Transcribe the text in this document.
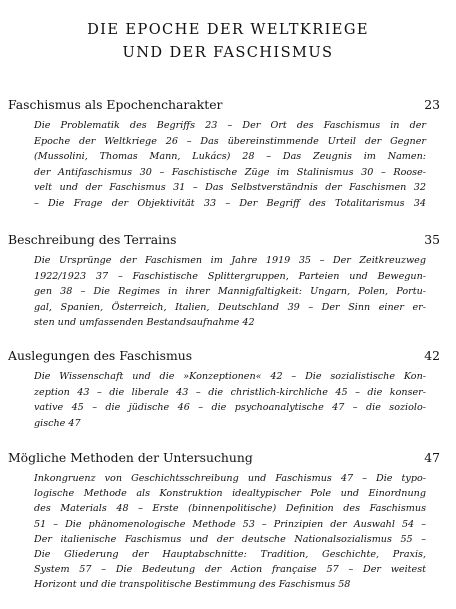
DIE EPOCHE DER WELTKRIEGE
UND DER FASCHISMUS
Faschismus als Epochencharakter	23
Die Problematik des Begriffs 23 – Der Ort des Faschismus in der
Epoche der Weltkriege 26 – Das übereinstimmende Urteil der Gegner
(Mussolini, Thomas Mann, Lukács) 28 – Das Zeugnis im Namen:
der Antifaschismus 30 – Faschistische Züge im Stalinismus 30 – Roose-
velt und der Faschismus 31 – Das Selbstverständnis der Faschismen 32
– Die Frage der Objektivität 33 – Der Begriff des Totalitarismus 34
Beschreibung des Terrains	35
Die Ursprünge der Faschismen im Jahre 1919 35 – Der Zeitkreuzweg
1922/1923 37 – Faschistische Splittergruppen, Parteien und Bewegun-
gen 38 – Die Regimes in ihrer Mannigfaltigkeit: Ungarn, Polen, Portu-
gal, Spanien, Österreich, Italien, Deutschland 39 – Der Sinn einer er-
sten und umfassenden Bestandsaufnahme 42
Auslegungen des Faschismus	42
Die Wissenschaft und die »Konzeptionen« 42 – Die sozialistische Kon-
zeption 43 – die liberale 43 – die christlich-kirchliche 45 – die konser-
vative 45 – die jüdische 46 – die psychoanalytische 47 – die soziolo-
gische 47
Mögliche Methoden der Untersuchung	47
Inkongruenz von Geschichtsschreibung und Faschismus 47 – Die typo-
logische Methode als Konstruktion idealtypischer Pole und Einordnung
des Materials 48 – Erste (binnenpolitische) Definition des Faschismus
51 – Die phänomenologische Methode 53 – Prinzipien der Auswahl 54 –
Der italienische Faschismus und der deutsche Nationalsozialismus 55 –
Die Gliederung der Hauptabschnitte: Tradition, Geschichte, Praxis,
System 57 – Die Bedeutung der Action française 57 – Der weitest
Horizont und die transpolitische Bestimmung des Faschismus 58
